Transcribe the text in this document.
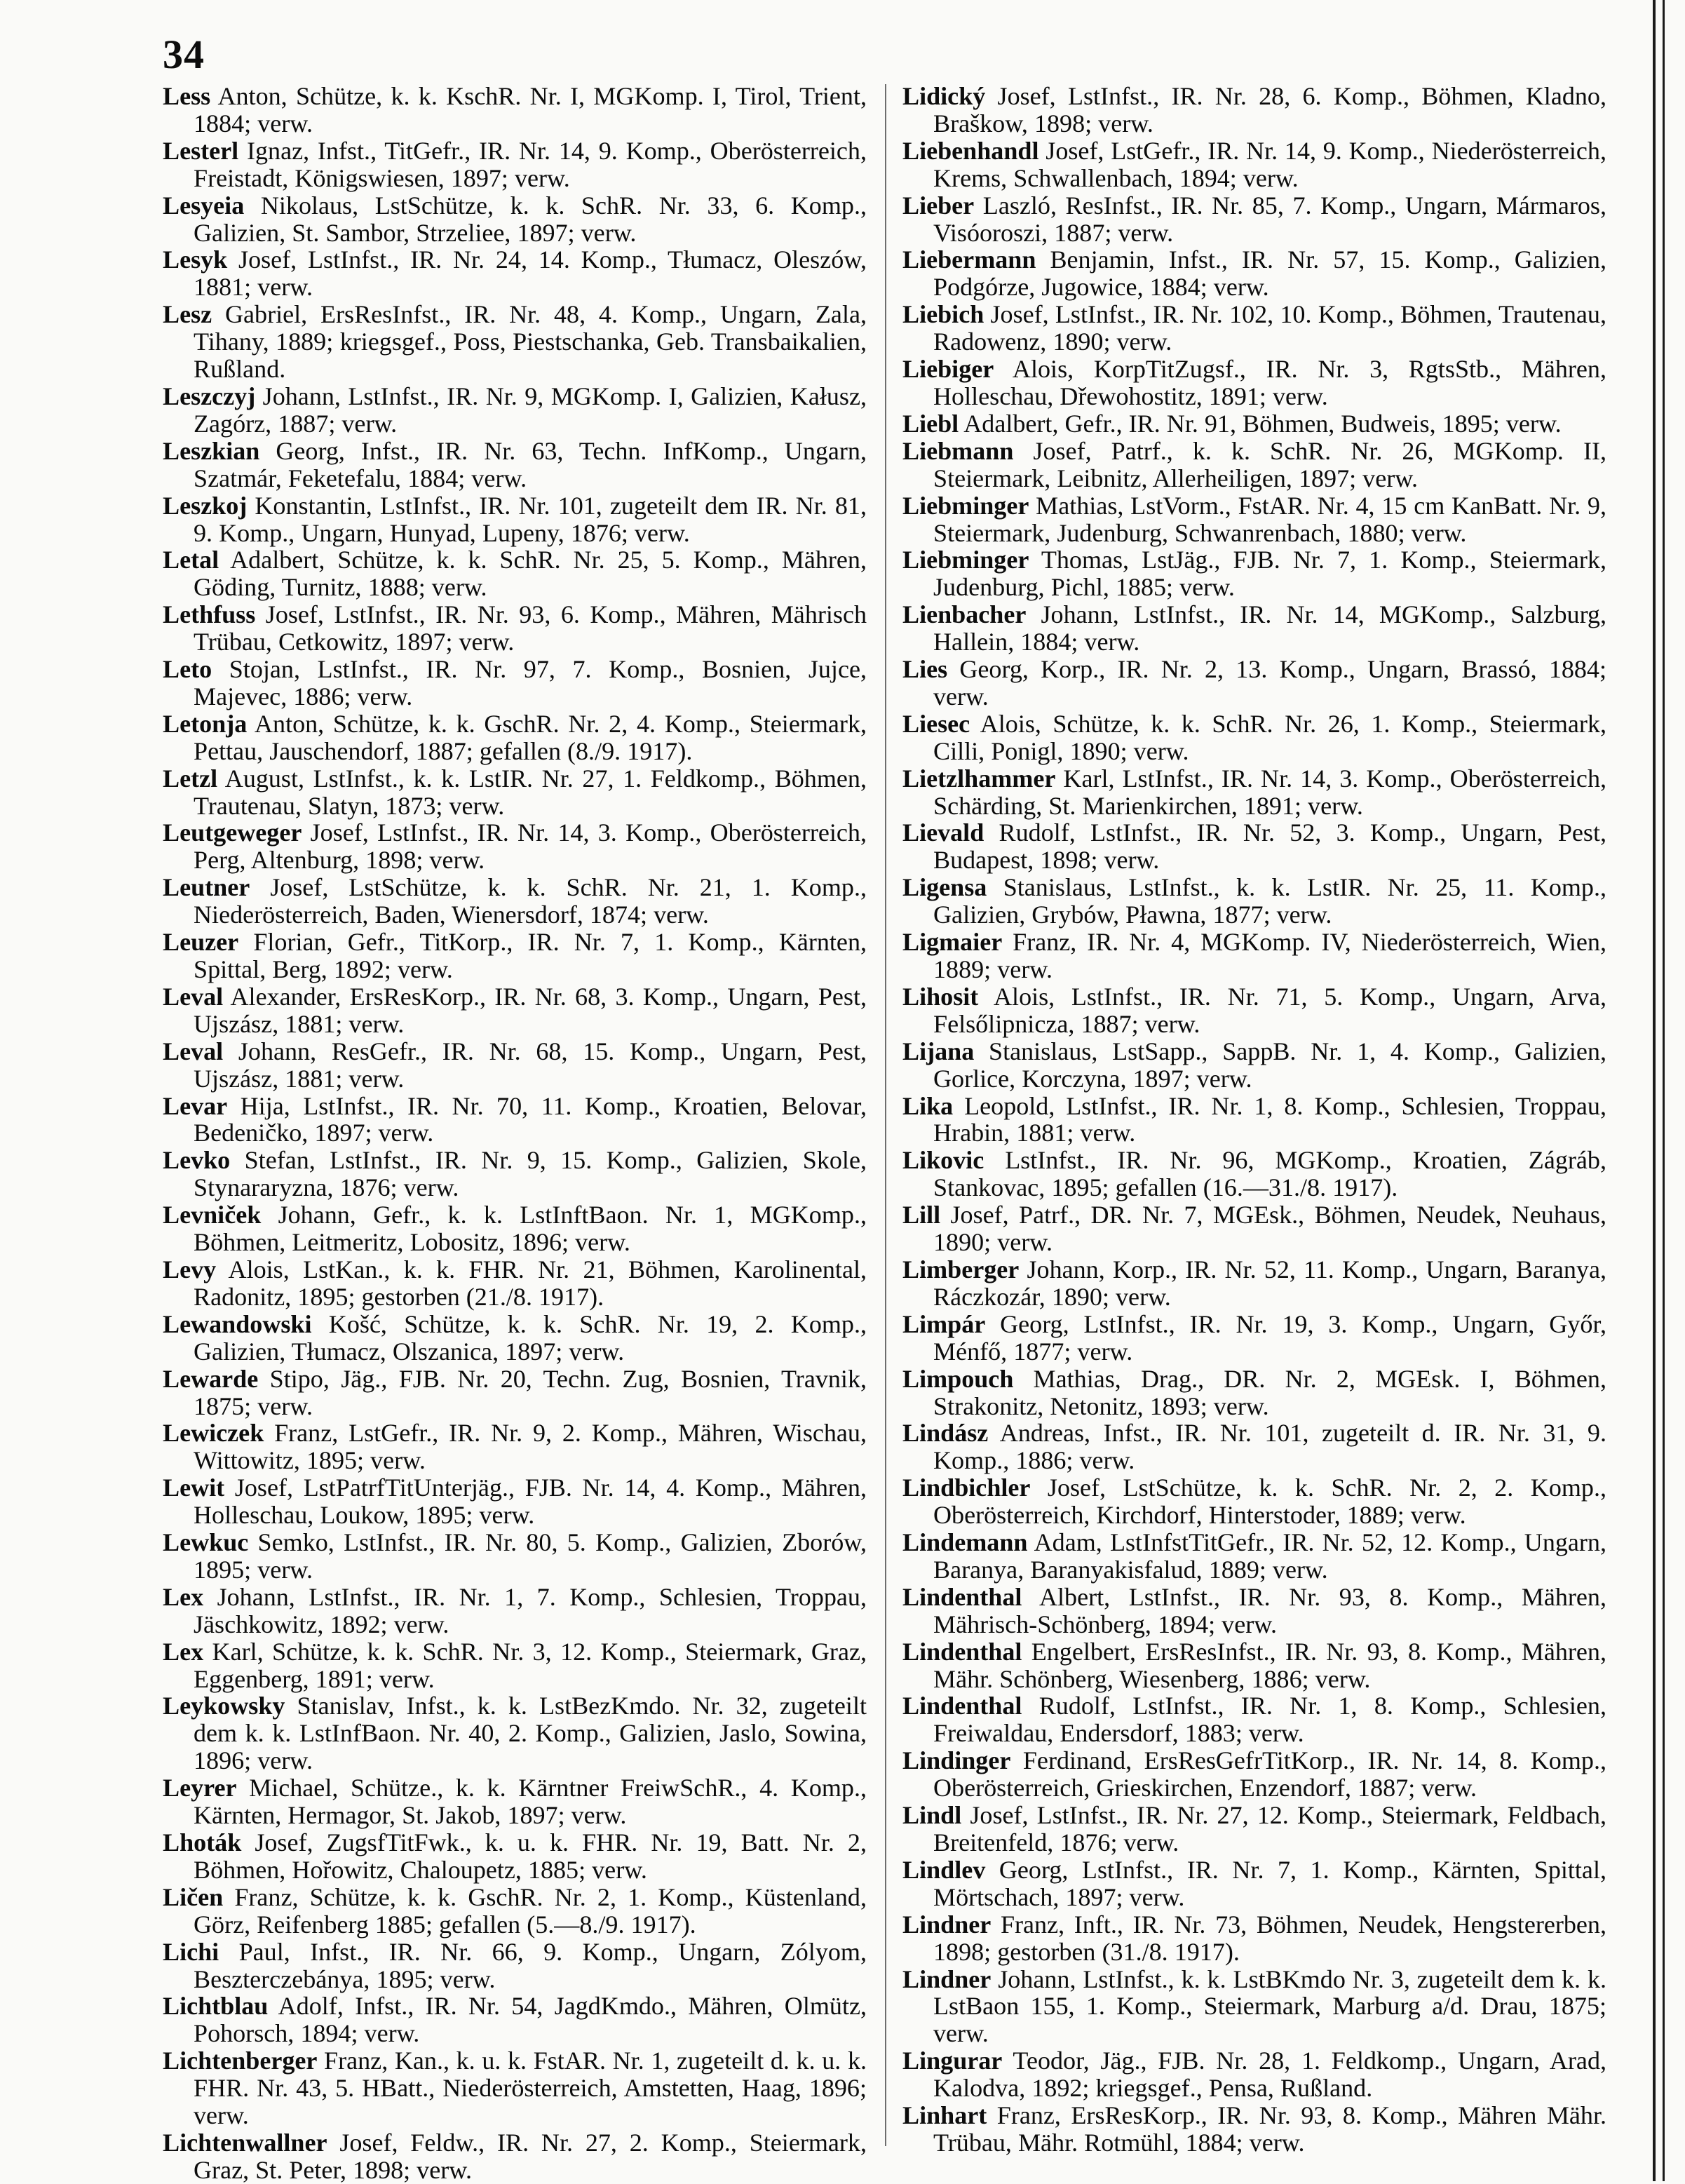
34
Less Anton, Schütze, k. k. KschR. Nr. I, MGKomp. I, Tirol, Trient, 1884; verw.
Lesterl Ignaz, Infst., TitGefr., IR. Nr. 14, 9. Komp., Oberösterreich, Freistadt, Königswiesen, 1897; verw.
Lesyeia Nikolaus, LstSchütze, k. k. SchR. Nr. 33, 6. Komp., Galizien, St. Sambor, Strzeliee, 1897; verw.
Lesyk Josef, LstInfst., IR. Nr. 24, 14. Komp., Tłumacz, Oleszów, 1881; verw.
Lesz Gabriel, ErsResInfst., IR. Nr. 48, 4. Komp., Ungarn, Zala, Tihany, 1889; kriegsgef., Poss, Piestschanka, Geb. Transbaikalien, Rußland.
Leszczyj Johann, LstInfst., IR. Nr. 9, MGKomp. I, Galizien, Kałusz, Zagórz, 1887; verw.
Leszkian Georg, Infst., IR. Nr. 63, Techn. InfKomp., Ungarn, Szatmár, Feketefalu, 1884; verw.
Leszkoj Konstantin, LstInfst., IR. Nr. 101, zugeteilt dem IR. Nr. 81, 9. Komp., Ungarn, Hunyad, Lupeny, 1876; verw.
Letal Adalbert, Schütze, k. k. SchR. Nr. 25, 5. Komp., Mähren, Göding, Turnitz, 1888; verw.
Lethfuss Josef, LstInfst., IR. Nr. 93, 6. Komp., Mähren, Mährisch Trübau, Cetkowitz, 1897; verw.
Leto Stojan, LstInfst., IR. Nr. 97, 7. Komp., Bosnien, Jujce, Majevec, 1886; verw.
Letonja Anton, Schütze, k. k. GschR. Nr. 2, 4. Komp., Steiermark, Pettau, Jauschendorf, 1887; gefallen (8./9. 1917).
Letzl August, LstInfst., k. k. LstIR. Nr. 27, 1. Feldkomp., Böhmen, Trautenau, Slatyn, 1873; verw.
Leutgeweger Josef, LstInfst., IR. Nr. 14, 3. Komp., Oberösterreich, Perg, Altenburg, 1898; verw.
Leutner Josef, LstSchütze, k. k. SchR. Nr. 21, 1. Komp., Niederösterreich, Baden, Wienersdorf, 1874; verw.
Leuzer Florian, Gefr., TitKorp., IR. Nr. 7, 1. Komp., Kärnten, Spittal, Berg, 1892; verw.
Leval Alexander, ErsResKorp., IR. Nr. 68, 3. Komp., Ungarn, Pest, Ujszász, 1881; verw.
Leval Johann, ResGefr., IR. Nr. 68, 15. Komp., Ungarn, Pest, Ujszász, 1881; verw.
Levar Hija, LstInfst., IR. Nr. 70, 11. Komp., Kroatien, Belovar, Bedeničko, 1897; verw.
Levko Stefan, LstInfst., IR. Nr. 9, 15. Komp., Galizien, Skole, Stynararyzna, 1876; verw.
Levniček Johann, Gefr., k. k. LstInftBaon. Nr. 1, MGKomp., Böhmen, Leitmeritz, Lobositz, 1896; verw.
Levy Alois, LstKan., k. k. FHR. Nr. 21, Böhmen, Karolinental, Radonitz, 1895; gestorben (21./8. 1917).
Lewandowski Košć, Schütze, k. k. SchR. Nr. 19, 2. Komp., Galizien, Tłumacz, Olszanica, 1897; verw.
Lewarde Stipo, Jäg., FJB. Nr. 20, Techn. Zug, Bosnien, Travnik, 1875; verw.
Lewiczek Franz, LstGefr., IR. Nr. 9, 2. Komp., Mähren, Wischau, Wittowitz, 1895; verw.
Lewit Josef, LstPatrfTitUnterjäg., FJB. Nr. 14, 4. Komp., Mähren, Holleschau, Loukow, 1895; verw.
Lewkuc Semko, LstInfst., IR. Nr. 80, 5. Komp., Galizien, Zborów, 1895; verw.
Lex Johann, LstInfst., IR. Nr. 1, 7. Komp., Schlesien, Troppau, Jäschkowitz, 1892; verw.
Lex Karl, Schütze, k. k. SchR. Nr. 3, 12. Komp., Steiermark, Graz, Eggenberg, 1891; verw.
Leykowsky Stanislav, Infst., k. k. LstBezKmdo. Nr. 32, zugeteilt dem k. k. LstInfBaon. Nr. 40, 2. Komp., Galizien, Jaslo, Sowina, 1896; verw.
Leyrer Michael, Schütze., k. k. Kärntner FreiwSchR., 4. Komp., Kärnten, Hermagor, St. Jakob, 1897; verw.
Lhoták Josef, ZugsfTitFwk., k. u. k. FHR. Nr. 19, Batt. Nr. 2, Böhmen, Hořowitz, Chaloupetz, 1885; verw.
Ličen Franz, Schütze, k. k. GschR. Nr. 2, 1. Komp., Küstenland, Görz, Reifenberg 1885; gefallen (5.—8./9. 1917).
Lichi Paul, Infst., IR. Nr. 66, 9. Komp., Ungarn, Zólyom, Beszterczebánya, 1895; verw.
Lichtblau Adolf, Infst., IR. Nr. 54, JagdKmdo., Mähren, Olmütz, Pohorsch, 1894; verw.
Lichtenberger Franz, Kan., k. u. k. FstAR. Nr. 1, zugeteilt d. k. u. k. FHR. Nr. 43, 5. HBatt., Niederösterreich, Amstetten, Haag, 1896; verw.
Lichtenwallner Josef, Feldw., IR. Nr. 27, 2. Komp., Steiermark, Graz, St. Peter, 1898; verw.
Lidický Josef, LstInfst., IR. Nr. 28, 6. Komp., Böhmen, Kladno, Braškow, 1898; verw.
Liebenhandl Josef, LstGefr., IR. Nr. 14, 9. Komp., Niederösterreich, Krems, Schwallenbach, 1894; verw.
Lieber Laszló, ResInfst., IR. Nr. 85, 7. Komp., Ungarn, Mármaros, Visóoroszi, 1887; verw.
Liebermann Benjamin, Infst., IR. Nr. 57, 15. Komp., Galizien, Podgórze, Jugowice, 1884; verw.
Liebich Josef, LstInfst., IR. Nr. 102, 10. Komp., Böhmen, Trautenau, Radowenz, 1890; verw.
Liebiger Alois, KorpTitZugsf., IR. Nr. 3, RgtsStb., Mähren, Holleschau, Dřewohostitz, 1891; verw.
Liebl Adalbert, Gefr., IR. Nr. 91, Böhmen, Budweis, 1895; verw.
Liebmann Josef, Patrf., k. k. SchR. Nr. 26, MGKomp. II, Steiermark, Leibnitz, Allerheiligen, 1897; verw.
Liebminger Mathias, LstVorm., FstAR. Nr. 4, 15 cm KanBatt. Nr. 9, Steiermark, Judenburg, Schwanrenbach, 1880; verw.
Liebminger Thomas, LstJäg., FJB. Nr. 7, 1. Komp., Steiermark, Judenburg, Pichl, 1885; verw.
Lienbacher Johann, LstInfst., IR. Nr. 14, MGKomp., Salzburg, Hallein, 1884; verw.
Lies Georg, Korp., IR. Nr. 2, 13. Komp., Ungarn, Brassó, 1884; verw.
Liesec Alois, Schütze, k. k. SchR. Nr. 26, 1. Komp., Steiermark, Cilli, Ponigl, 1890; verw.
Lietzlhammer Karl, LstInfst., IR. Nr. 14, 3. Komp., Oberösterreich, Schärding, St. Marienkirchen, 1891; verw.
Lievald Rudolf, LstInfst., IR. Nr. 52, 3. Komp., Ungarn, Pest, Budapest, 1898; verw.
Ligensa Stanislaus, LstInfst., k. k. LstIR. Nr. 25, 11. Komp., Galizien, Grybów, Pławna, 1877; verw.
Ligmaier Franz, IR. Nr. 4, MGKomp. IV, Niederösterreich, Wien, 1889; verw.
Lihosit Alois, LstInfst., IR. Nr. 71, 5. Komp., Ungarn, Arva, Felsőlipnicza, 1887; verw.
Lijana Stanislaus, LstSapp., SappB. Nr. 1, 4. Komp., Galizien, Gorlice, Korczyna, 1897; verw.
Lika Leopold, LstInfst., IR. Nr. 1, 8. Komp., Schlesien, Troppau, Hrabin, 1881; verw.
Likovic LstInfst., IR. Nr. 96, MGKomp., Kroatien, Zágráb, Stankovac, 1895; gefallen (16.—31./8. 1917).
Lill Josef, Patrf., DR. Nr. 7, MGEsk., Böhmen, Neudek, Neuhaus, 1890; verw.
Limberger Johann, Korp., IR. Nr. 52, 11. Komp., Ungarn, Baranya, Ráczkozár, 1890; verw.
Limpár Georg, LstInfst., IR. Nr. 19, 3. Komp., Ungarn, Győr, Ménfő, 1877; verw.
Limpouch Mathias, Drag., DR. Nr. 2, MGEsk. I, Böhmen, Strakonitz, Netonitz, 1893; verw.
Lindász Andreas, Infst., IR. Nr. 101, zugeteilt d. IR. Nr. 31, 9. Komp., 1886; verw.
Lindbichler Josef, LstSchütze, k. k. SchR. Nr. 2, 2. Komp., Oberösterreich, Kirchdorf, Hinterstoder, 1889; verw.
Lindemann Adam, LstInfstTitGefr., IR. Nr. 52, 12. Komp., Ungarn, Baranya, Baranyakisfalud, 1889; verw.
Lindenthal Albert, LstInfst., IR. Nr. 93, 8. Komp., Mähren, Mährisch-Schönberg, 1894; verw.
Lindenthal Engelbert, ErsResInfst., IR. Nr. 93, 8. Komp., Mähren, Mähr. Schönberg, Wiesenberg, 1886; verw.
Lindenthal Rudolf, LstInfst., IR. Nr. 1, 8. Komp., Schlesien, Freiwaldau, Endersdorf, 1883; verw.
Lindinger Ferdinand, ErsResGefrTitKorp., IR. Nr. 14, 8. Komp., Oberösterreich, Grieskirchen, Enzendorf, 1887; verw.
Lindl Josef, LstInfst., IR. Nr. 27, 12. Komp., Steiermark, Feldbach, Breitenfeld, 1876; verw.
Lindlev Georg, LstInfst., IR. Nr. 7, 1. Komp., Kärnten, Spittal, Mörtschach, 1897; verw.
Lindner Franz, Inft., IR. Nr. 73, Böhmen, Neudek, Hengstererben, 1898; gestorben (31./8. 1917).
Lindner Johann, LstInfst., k. k. LstBKmdo Nr. 3, zugeteilt dem k. k. LstBaon 155, 1. Komp., Steiermark, Marburg a/d. Drau, 1875; verw.
Lingurar Teodor, Jäg., FJB. Nr. 28, 1. Feldkomp., Ungarn, Arad, Kalodva, 1892; kriegsgef., Pensa, Rußland.
Linhart Franz, ErsResKorp., IR. Nr. 93, 8. Komp., Mähren Mähr. Trübau, Mähr. Rotmühl, 1884; verw.
